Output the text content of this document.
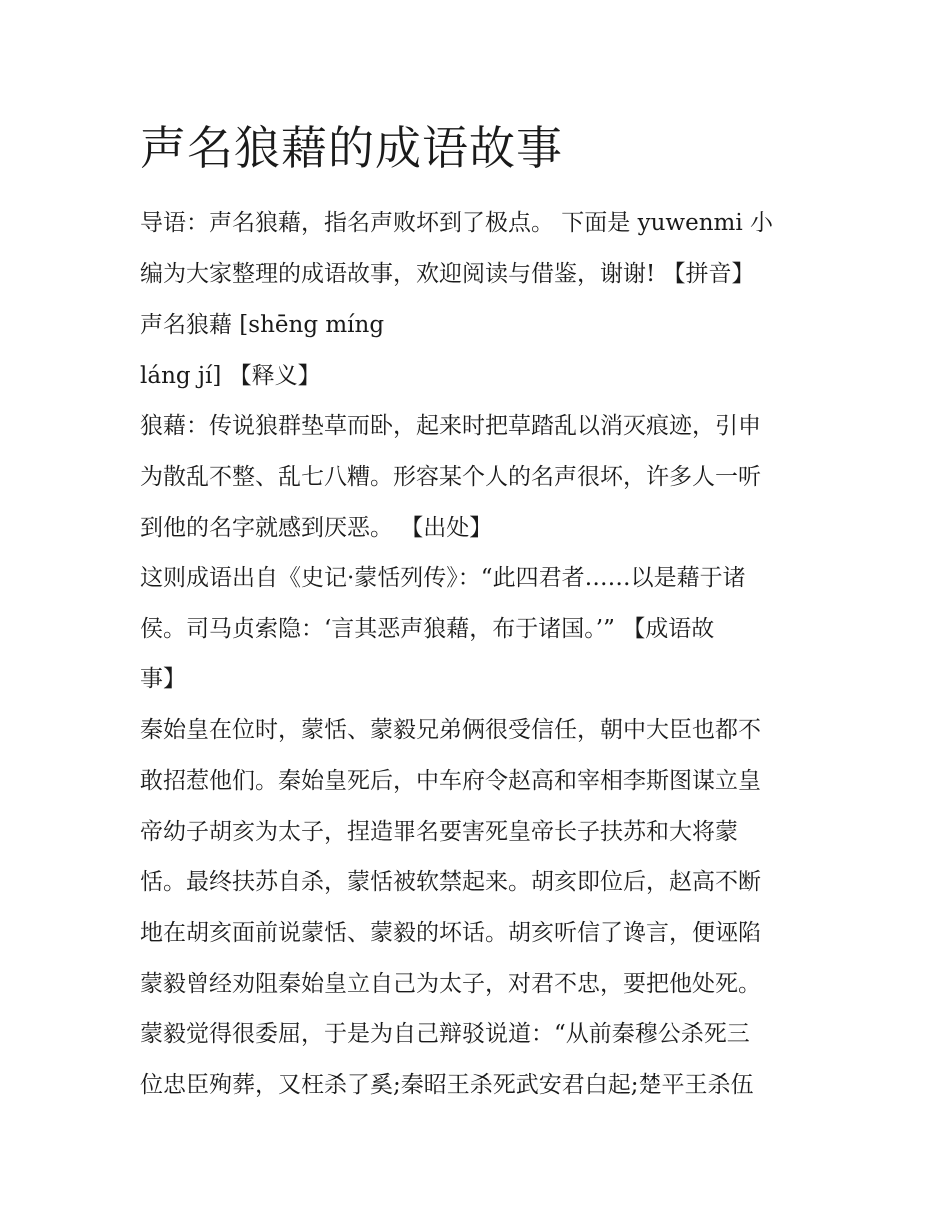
声名狼藉的成语故事

导语：声名狼藉，指名声败坏到了极点。 下面是 yuwenmi 小

编为大家整理的成语故事，欢迎阅读与借鉴，谢谢! 【拼音】

声名狼藉 [shēng míng

láng jí] 【释义】

狼藉：传说狼群垫草而卧，起来时把草踏乱以消灭痕迹，引申

为散乱不整、乱七八糟。形容某个人的名声很坏，许多人一听

到他的名字就感到厌恶。 【出处】

这则成语出自《史记·蒙恬列传》：“此四君者……以是藉于诸

侯。司马贞索隐：‘言其恶声狼藉，布于诸国。’” 【成语故

事】

秦始皇在位时，蒙恬、蒙毅兄弟俩很受信任，朝中大臣也都不

敢招惹他们。秦始皇死后，中车府令赵高和宰相李斯图谋立皇

帝幼子胡亥为太子，捏造罪名要害死皇帝长子扶苏和大将蒙

恬。最终扶苏自杀，蒙恬被软禁起来。胡亥即位后，赵高不断

地在胡亥面前说蒙恬、蒙毅的坏话。胡亥听信了谗言，便诬陷

蒙毅曾经劝阻秦始皇立自己为太子，对君不忠，要把他处死。

蒙毅觉得很委屈，于是为自己辩驳说道：“从前秦穆公杀死三

位忠臣殉葬，又枉杀了奚;秦昭王杀死武安君白起;楚平王杀伍
